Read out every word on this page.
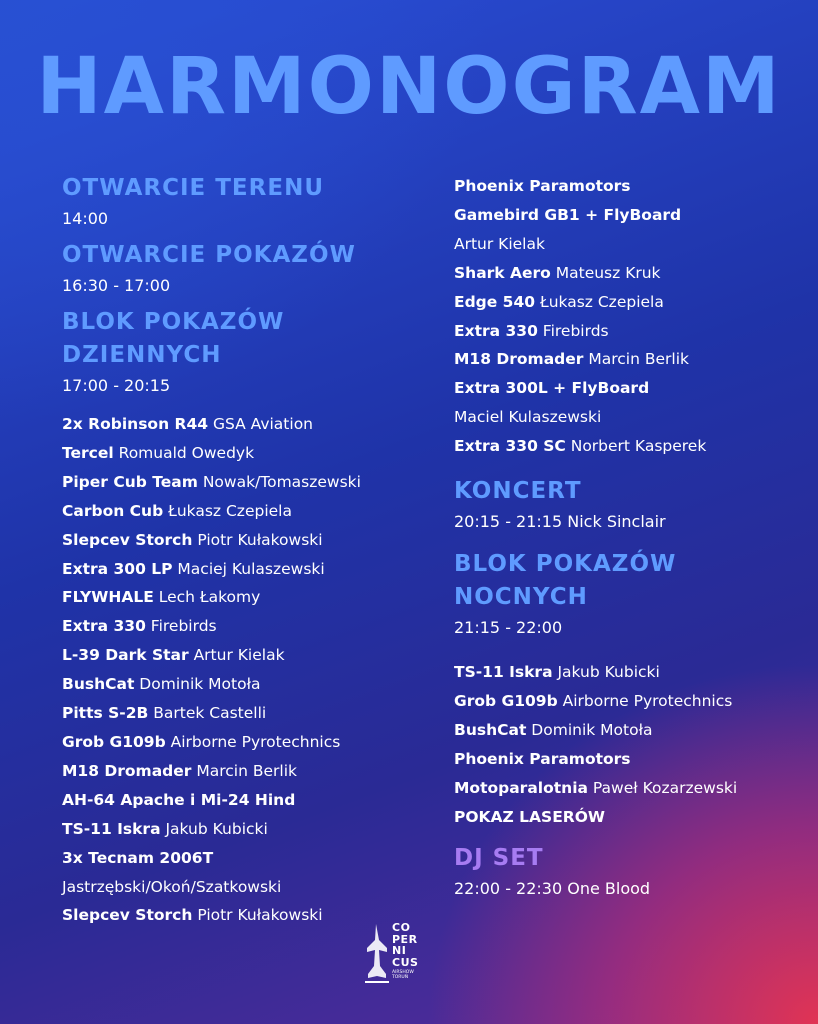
HARMONOGRAM
OTWARCIE TERENU
14:00
OTWARCIE POKAZÓW
16:30 - 17:00
BLOK POKAZÓW
DZIENNYCH
17:00 - 20:15
2x Robinson R44 GSA Aviation
Tercel Romuald Owedyk
Piper Cub Team Nowak/Tomaszewski
Carbon Cub Łukasz Czepiela
Slepcev Storch Piotr Kułakowski
Extra 300 LP Maciej Kulaszewski
FLYWHALE Lech Łakomy
Extra 330 Firebirds
L-39 Dark Star Artur Kielak
BushCat Dominik Motoła
Pitts S-2B Bartek Castelli
Grob G109b Airborne Pyrotechnics
M18 Dromader Marcin Berlik
AH-64 Apache i Mi-24 Hind
TS-11 Iskra Jakub Kubicki
3x Tecnam 2006T
Jastrzębski/Okoń/Szatkowski
Slepcev Storch Piotr Kułakowski
Phoenix Paramotors
Gamebird GB1 + FlyBoard
Artur Kielak
Shark Aero Mateusz Kruk
Edge 540 Łukasz Czepiela
Extra 330 Firebirds
M18 Dromader Marcin Berlik
Extra 300L + FlyBoard
Maciel Kulaszewski
Extra 330 SC Norbert Kasperek
KONCERT
20:15 - 21:15 Nick Sinclair
BLOK POKAZÓW
NOCNYCH
21:15 - 22:00
TS-11 Iskra Jakub Kubicki
Grob G109b Airborne Pyrotechnics
BushCat Dominik Motoła
Phoenix Paramotors
Motoparalotnia Paweł Kozarzewski
POKAZ LASERÓW
DJ SET
22:00 - 22:30 One Blood
CO
PER
NI
CUS
AIRSHOW
TORUŃ
